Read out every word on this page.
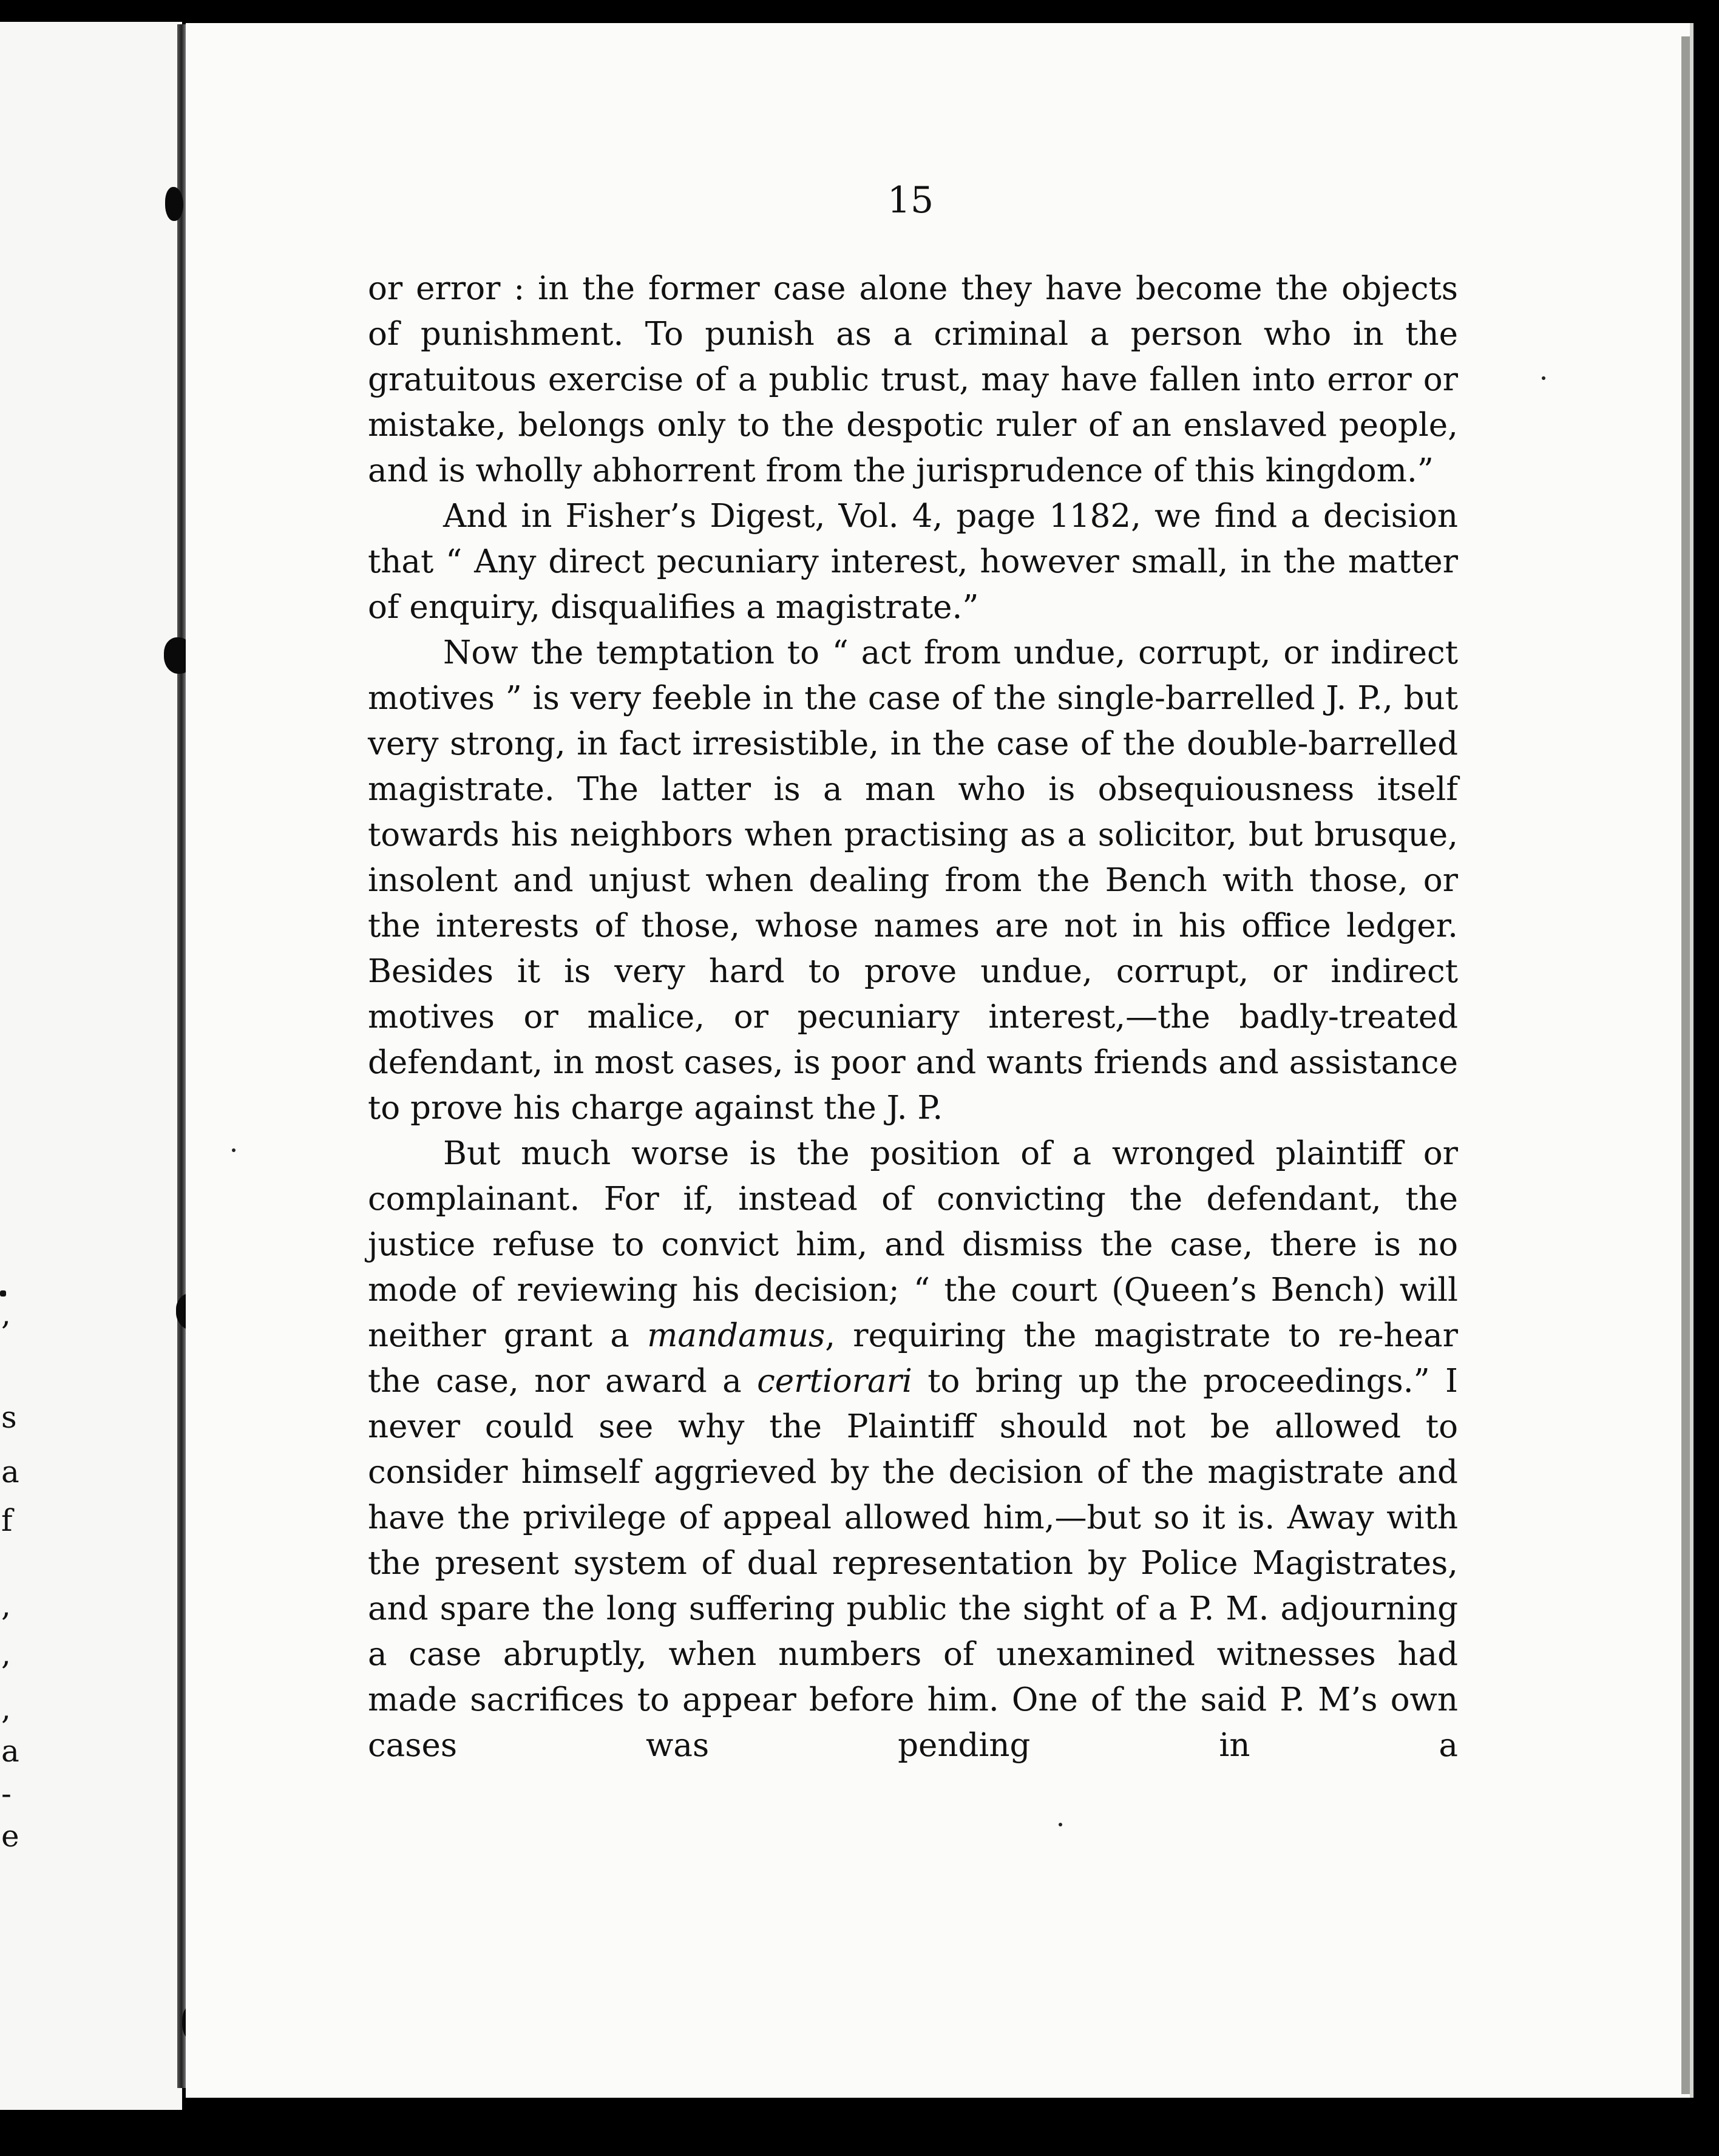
15

or error : in the former case alone they have become the objects of punishment. To punish as a criminal a person who in the gratuitous exercise of a public trust, may have fallen into error or mistake, belongs only to the despotic ruler of an enslaved people, and is wholly abhorrent from the jurisprudence of this kingdom.”

And in Fisher’s Digest, Vol. 4, page 1182, we find a decision that “ Any direct pecuniary interest, however small, in the matter of enquiry, disqualifies a magistrate.”

Now the temptation to “ act from undue, corrupt, or indirect motives ” is very feeble in the case of the single-barrelled J. P., but very strong, in fact irresistible, in the case of the double-barrelled magistrate. The latter is a man who is obsequiousness itself towards his neighbors when practising as a solicitor, but brusque, insolent and unjust when dealing from the Bench with those, or the interests of those, whose names are not in his office ledger. Besides it is very hard to prove undue, corrupt, or indirect motives or malice, or pecuniary interest,—the badly-treated defendant, in most cases, is poor and wants friends and assistance to prove his charge against the J. P.

But much worse is the position of a wronged plaintiff or complainant. For if, instead of convicting the defendant, the justice refuse to convict him, and dismiss the case, there is no mode of reviewing his decision; “ the court (Queen’s Bench) will neither grant a mandamus, requiring the magistrate to re-hear the case, nor award a certiorari to bring up the proceedings.” I never could see why the Plaintiff should not be allowed to consider himself aggrieved by the decision of the magistrate and have the privilege of appeal allowed him,—but so it is. Away with the present system of dual representation by Police Magistrates, and spare the long suffering public the sight of a P. M. adjourning a case abruptly, when numbers of unexamined witnesses had made sacrifices to appear before him. One of the said P. M’s own cases was pending in a

,
s
a
f
,
,
,
a
-
e
